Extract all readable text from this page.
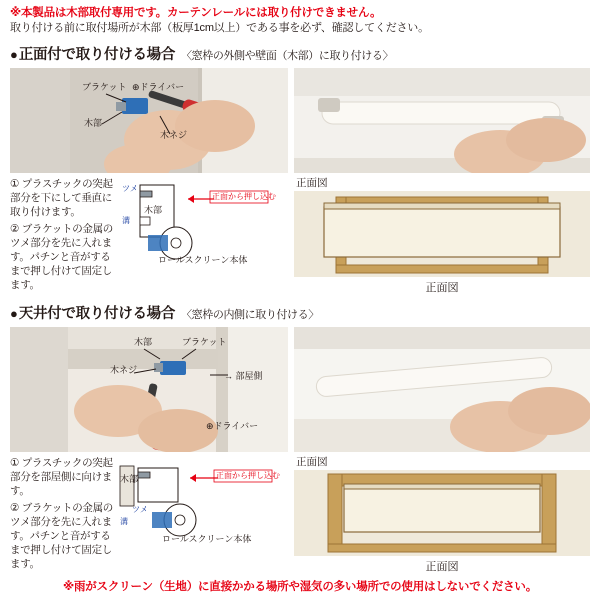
※本製品は木部取付専用です。カーテンレールには取り付けできません。
取り付ける前に取付場所が木部（板厚1cm以上）である事を必ず、確認してください。
● 正面付で取り付ける場合 〈窓枠の外側や壁面（木部）に取り付ける〉
ブラケット ⊕ドライバー
木部
木ネジ

① プラスチックの突起部分を下にして垂直に取り付けます。

② ブラケットの金属のツメ部分を先に入れます。パチンと音がするまで押し付けて固定します。

ツメ
溝
正面から押し込む
木部
ロールスクリーン本体
正面図
正面図
● 天井付で取り付ける場合 〈窓枠の内側に取り付ける〉
木部	ブラケット
木ネジ
→ 部屋側
⊕ドライバー

① プラスチックの突起部分を部屋側に向けます。

② ブラケットの金属のツメ部分を先に入れます。パチンと音がするまで押し付けて固定します。

木部	正面から押し込む
ツメ
溝
ロールスクリーン本体
正面図
正面図
※雨がスクリーン（生地）に直接かかる場所や湿気の多い場所での使用はしないでください。
